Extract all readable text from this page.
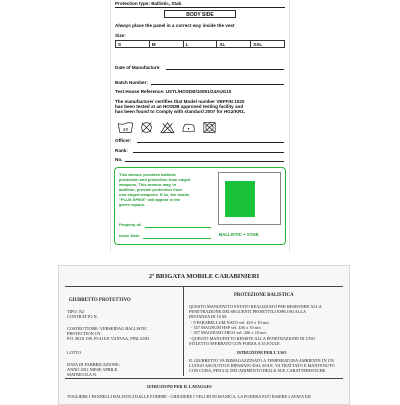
Protection type: Ballistic, Stab
BODY SIDE
Always place the panel in a correct way inside the vest
Size:
S	M	L	XL	XXL
Date of Manufacture:
Batch Number:
Test House Reference: USTL/HOSDB/10051/24AUG10
The manufacturer certifies that Model number VBFFIN 1020
has been tested at an HOSDB approved testing facility and
has been found to Comply with standard 2007 for HG2/KR1.
40
Officer:
Rank:
No.
This armour provides ballistic
protection and protection from edged
weapons. This armour may, in
addition, provide protection from
non-edged weapons. If so, the words
"PLUS SPIKE" will appear in the
green square.
Property of:
Issue Date:	BALLISTIC + STAB
2ª BRIGATA MOBILE CARABINIERI
GIUBBETTO PROTETTIVO
TIPO: N2
CONTRATTO N.
COSTRUTTORE: VERSEIDAG BALLISTIC
PROTECTION OY
P.O. BOX 198, FI-41101 VANTAA, FINLAND
LOTTO
DATA DI FABBRICAZIONE:
ANNO 2011 MESE APRILE
MATRICOLA N.
PROTEZIONE BALISTICA
QUESTO MANUFATTO ESTATO REALIZZATO PER RESISTERE ALLA
PENETRAZIONE DEI SEGUENTI PROIETTILI ESPLOSI ALLA
DISTANZA DI 10 M:
- 9 PARABELLUM NATO vel. 410 ± 10 m/s
- 357 MAGNUM HSP vel. 436 ± 10 m/s
- 357 MAGNUM CIRCO vel. 436 ± 10 m/s
- QUESTO MANUFATTO RESISTE ALLA PENETRAZIONE DI UNO
STILETTO SFERRATO CON FORZA A 35 JOULE.
ISTRUZIONI PER L'USO
IL GIUBBETTO VA IMMAGAZZINATO A TEMPERATURA AMBIENTE IN UN
LUOGO ASCIUTTO E RIPARATO DAL SOLE. VA TRATTATO E MANTENUTO
CON CURA, PENA IL DECADIMENTO DELLE SUE CARATTERISTICHE.
ISTRUZIONI PER IL LAVAGGIO
TOGLIERE I PANNELLI BALISTICI DALLE FODERE - CHIUDERE I VELCRI DI MANICA, LA FODERA PUÒ ESSERE LAVATA ED
